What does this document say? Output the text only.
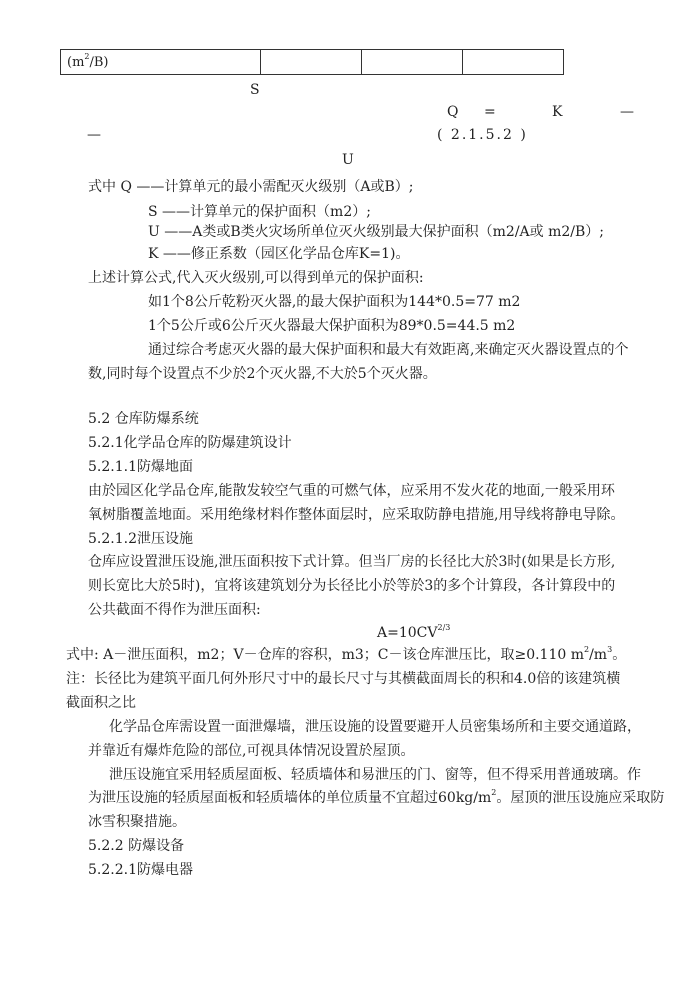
$(m^2/B)$			
S
Q =	K	—
—	( 2.1.5.2 )
U
式中 Q ——计算单元的最小需配灭火级别（A或B）;
S ——计算单元的保护面积（m2）;
U ——A类或B类火灾场所单位灭火级别最大保护面积（m2/A或 m2/B）;
K ——修正系数（园区化学品仓库K=1)。
上述计算公式,代入灭火级别,可以得到单元的保护面积:
如1个8公斤乾粉灭火器,的最大保护面积为144*0.5=77 m2
1个5公斤或6公斤灭火器最大保护面积为89*0.5=44.5 m2
通过综合考虑灭火器的最大保护面积和最大有效距离,来确定灭火器设置点的个
数,同时每个设置点不少於2个灭火器,不大於5个灭火器。
5.2 仓库防爆系统
5.2.1化学品仓库的防爆建筑设计
5.2.1.1防爆地面
由於园区化学品仓库,能散发较空气重的可燃气体，应采用不发火花的地面,一般采用环
氧树脂覆盖地面。采用绝缘材料作整体面层时，应采取防静电措施,用导线将静电导除。
5.2.1.2泄压设施
仓库应设置泄压设施,泄压面积按下式计算。但当厂房的长径比大於3时(如果是长方形,
则长宽比大於5时)，宜将该建筑划分为长径比小於等於3的多个计算段，各计算段中的
公共截面不得作为泄压面积:
$A=10CV^{2/3}$
式中: A－泄压面积，m2；V－仓库的容积，m3；C－该仓库泄压比，取≥0.110 $m^2/m^3$。
注：长径比为建筑平面几何外形尺寸中的最长尺寸与其横截面周长的积和4.0倍的该建筑横
截面积之比
化学品仓库需设置一面泄爆墙，泄压设施的设置要避开人员密集场所和主要交通道路，
并靠近有爆炸危险的部位,可视具体情况设置於屋顶。
泄压设施宜采用轻质屋面板、轻质墙体和易泄压的门、窗等，但不得采用普通玻璃。作
为泄压设施的轻质屋面板和轻质墙体的单位质量不宜超过$60kg/m^2$。屋顶的泄压设施应采取防
冰雪积聚措施。
5.2.2 防爆设备
5.2.2.1防爆电器
